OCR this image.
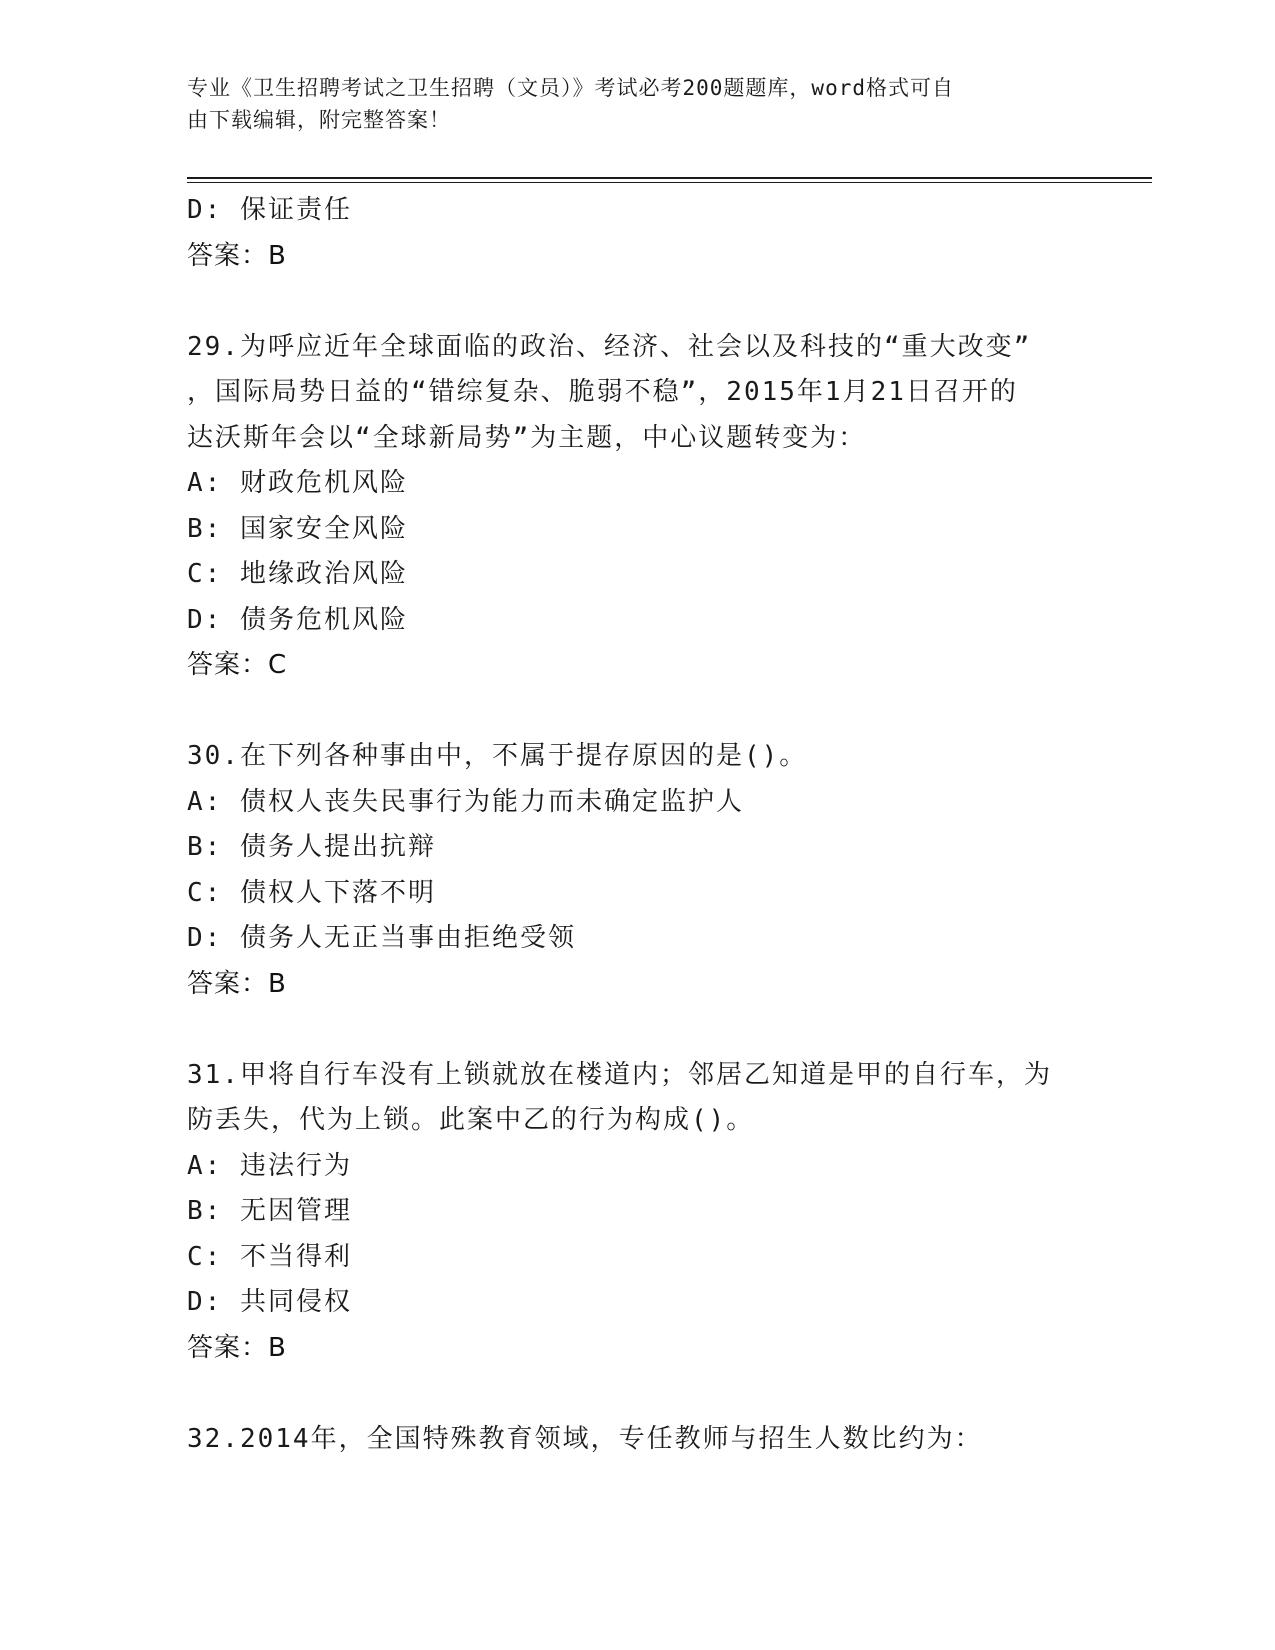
专业《卫生招聘考试之卫生招聘（文员）》考试必考200题题库，word格式可自
由下载编辑，附完整答案！
D: 保证责任
答案：B
29.为呼应近年全球面临的政治、经济、社会以及科技的“重大改变”
，国际局势日益的“错综复杂、脆弱不稳”，2015年1月21日召开的
达沃斯年会以“全球新局势”为主题，中心议题转变为：
A: 财政危机风险
B: 国家安全风险
C: 地缘政治风险
D: 债务危机风险
答案：C
30.在下列各种事由中，不属于提存原因的是()。
A: 债权人丧失民事行为能力而未确定监护人
B: 债务人提出抗辩
C: 债权人下落不明
D: 债务人无正当事由拒绝受领
答案：B
31.甲将自行车没有上锁就放在楼道内；邻居乙知道是甲的自行车，为
防丢失，代为上锁。此案中乙的行为构成()。
A: 违法行为
B: 无因管理
C: 不当得利
D: 共同侵权
答案：B
32.2014年，全国特殊教育领域，专任教师与招生人数比约为：
